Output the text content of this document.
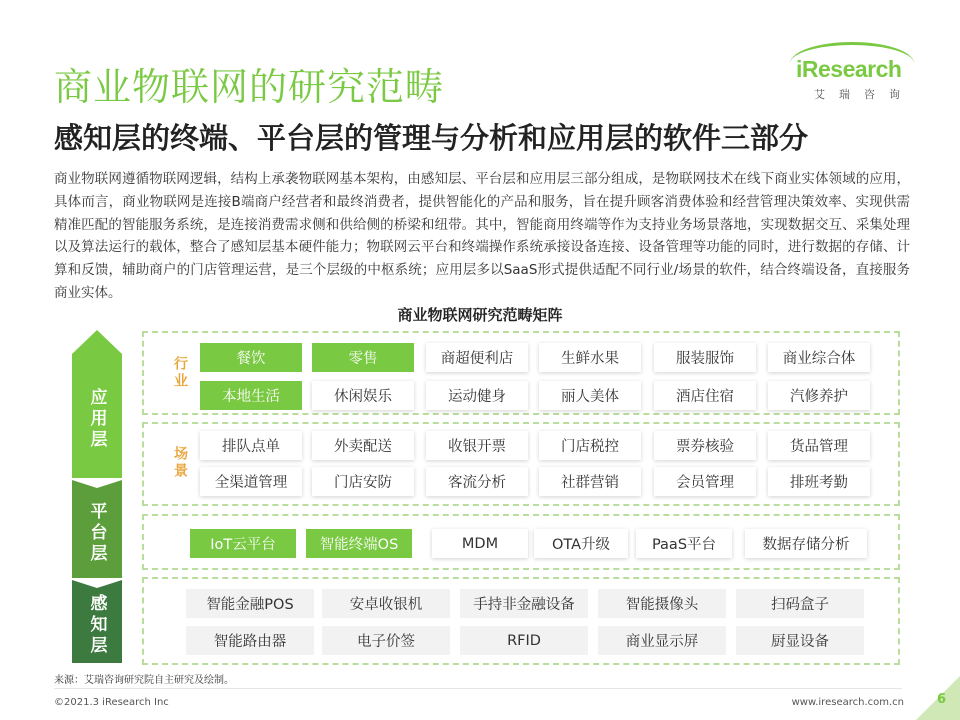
商业物联网的研究范畴
感知层的终端、平台层的管理与分析和应用层的软件三部分
iResearch
艾瑞咨询
商业物联网遵循物联网逻辑，结构上承袭物联网基本架构，由感知层、平台层和应用层三部分组成，是物联网技术在线下商业实体领域的应用，具体而言，商业物联网是连接B端商户经营者和最终消费者，提供智能化的产品和服务，旨在提升顾客消费体验和经营管理决策效率、实现供需精准匹配的智能服务系统，是连接消费需求侧和供给侧的桥梁和纽带。其中，智能商用终端等作为支持业务场景落地，实现数据交互、采集处理以及算法运行的载体，整合了感知层基本硬件能力；物联网云平台和终端操作系统承接设备连接、设备管理等功能的同时，进行数据的存储、计算和反馈，辅助商户的门店管理运营，是三个层级的中枢系统；应用层多以SaaS形式提供适配不同行业/场景的软件，结合终端设备，直接服务商业实体。
商业物联网研究范畴矩阵
应用层
平台层
感知层
行业
场景
餐饮	零售	商超便利店	生鲜水果	服装服饰	商业综合体
本地生活	休闲娱乐	运动健身	丽人美体	酒店住宿	汽修养护
排队点单	外卖配送	收银开票	门店税控	票券核验	货品管理
全渠道管理	门店安防	客流分析	社群营销	会员管理	排班考勤
IoT云平台	智能终端OS	MDM	OTA升级	PaaS平台	数据存储分析
智能金融POS	安卓收银机	手持非金融设备	智能摄像头	扫码盒子
智能路由器	电子价签	RFID	商业显示屏	厨显设备
来源：艾瑞咨询研究院自主研究及绘制。
©2021.3 iResearch Inc	www.iresearch.com.cn	6
